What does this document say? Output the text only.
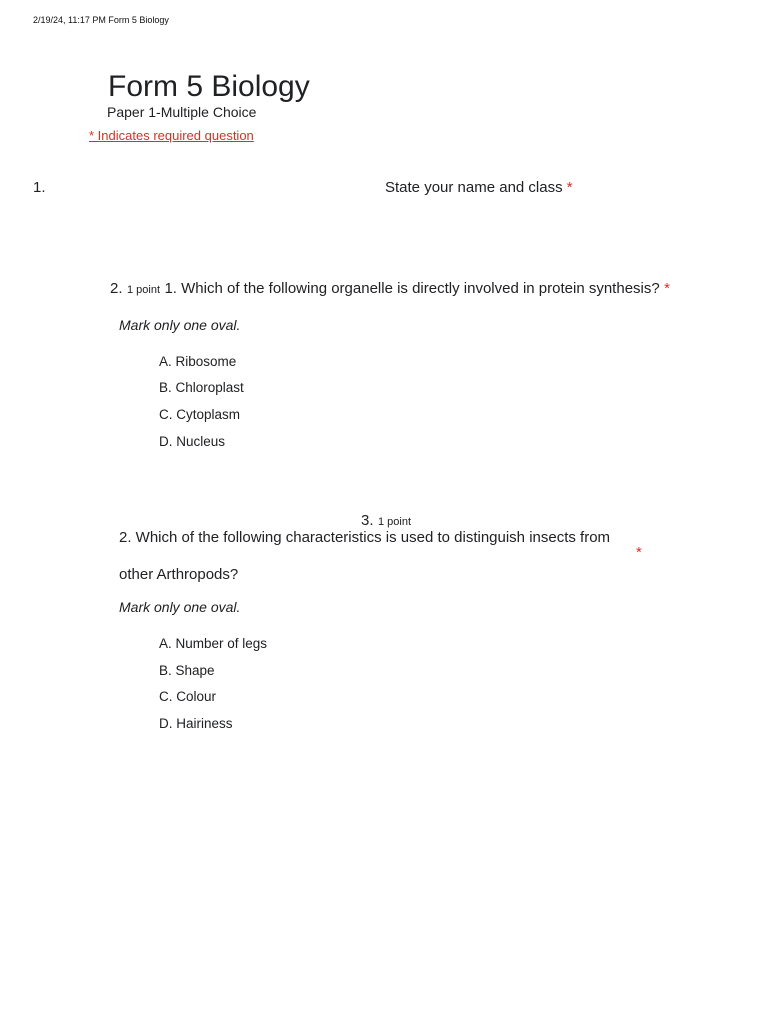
2/19/24, 11:17 PM Form 5 Biology
Form 5 Biology
Paper 1-Multiple Choice
* Indicates required question
1.	State your name and class *
2. 1 point 1. Which of the following organelle is directly involved in protein synthesis? *
Mark only one oval.
A. Ribosome
B. Chloroplast
C. Cytoplasm
D. Nucleus
3. 1 point
2. Which of the following characteristics is used to distinguish insects from
*
other Arthropods?
Mark only one oval.
A. Number of legs
B. Shape
C. Colour
D. Hairiness
